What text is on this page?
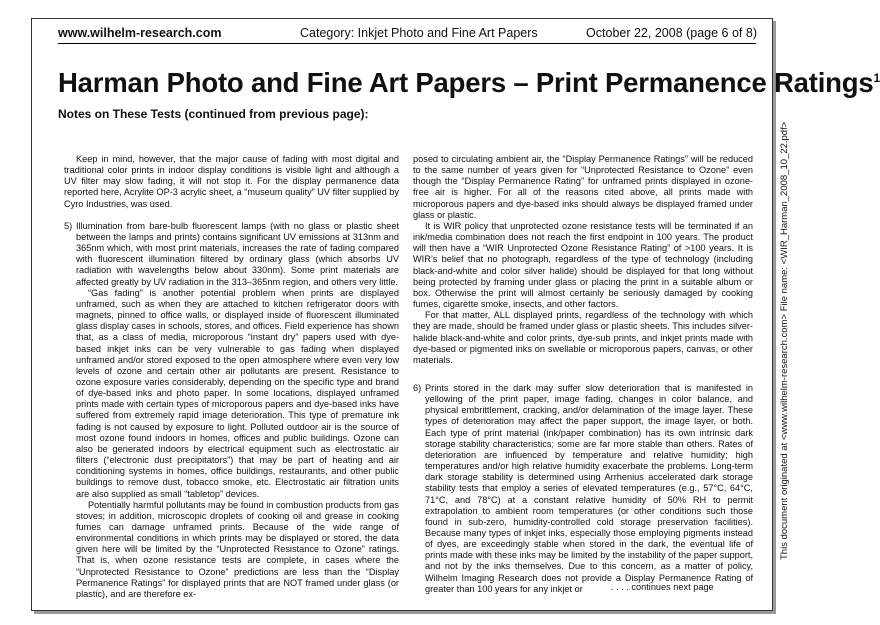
www.wilhelm-research.com	Category: Inkjet Photo and Fine Art Papers	October 22, 2008 (page 6 of 8)
Harman Photo and Fine Art Papers – Print Permanence Ratings$^1$
Notes on These Tests (continued from previous page):

Keep in mind, however, that the major cause of fading with most digital and traditional color prints in indoor display conditions is visible light and although a UV filter may slow fading, it will not stop it. For the display permanence data reported here, Acrylite OP-3 acrylic sheet, a “museum quality” UV filter supplied by Cyro Industries, was used.

5) Illumination from bare-bulb fluorescent lamps (with no glass or plastic sheet between the lamps and prints) contains significant UV emissions at 313nm and 365nm which, with most print materials, increases the rate of fading compared with fluorescent illumination filtered by ordinary glass (which absorbs UV radiation with wavelengths below about 330nm). Some print materials are affected greatly by UV radiation in the 313–365nm region, and others very little.

“Gas fading” is another potential problem when prints are displayed unframed, such as when they are attached to kitchen refrigerator doors with magnets, pinned to office walls, or displayed inside of fluorescent illuminated glass display cases in schools, stores, and offices. Field experience has shown that, as a class of media, microporous “instant dry” papers used with dye-based inkjet inks can be very vulnerable to gas fading when displayed unframed and/or stored exposed to the open atmosphere where even very low levels of ozone and certain other air pollutants are present. Resistance to ozone exposure varies considerably, depending on the specific type and brand of dye-based inks and photo paper. In some locations, displayed unframed prints made with certain types of microporous papers and dye-based inks have suffered from extremely rapid image deterioration. This type of premature ink fading is not caused by exposure to light. Polluted outdoor air is the source of most ozone found indoors in homes, offices and public buildings. Ozone can also be generated indoors by electrical equipment such as electrostatic air filters (“electronic dust precipitators”) that may be part of heating and air conditioning systems in homes, office buildings, restaurants, and other public buildings to remove dust, tobacco smoke, etc. Electrostatic air filtration units are also supplied as small “tabletop” devices.

Potentially harmful pollutants may be found in combustion products from gas stoves; in addition, microscopic droplets of cooking oil and grease in cooking fumes can damage unframed prints. Because of the wide range of environmental conditions in which prints may be displayed or stored, the data given here will be limited by the “Unprotected Resistance to Ozone” ratings. That is, when ozone resistance tests are complete, in cases where the “Unprotected Resistance to Ozone” predictions are less than the “Display Permanence Ratings” for displayed prints that are NOT framed under glass (or plastic), and are therefore ex-

posed to circulating ambient air, the “Display Permanence Ratings” will be reduced to the same number of years given for “Unprotected Resistance to Ozone” even though the “Display Permanence Rating” for unframed prints displayed in ozone-free air is higher. For all of the reasons cited above, all prints made with microporous papers and dye-based inks should always be displayed framed under glass or plastic.

It is WIR policy that unprotected ozone resistance tests will be terminated if an ink/media combination does not reach the first endpoint in 100 years. The product will then have a “WIR Unprotected Ozone Resistance Rating” of >100 years. It is WIR’s belief that no photograph, regardless of the type of technology (including black-and-white and color silver halide) should be displayed for that long without being protected by framing under glass or placing the print in a suitable album or box. Otherwise the print will almost certainly be seriously damaged by cooking fumes, cigarette smoke, insects, and other factors.

For that matter, ALL displayed prints, regardless of the technology with which they are made, should be framed under glass or plastic sheets. This includes silver-halide black-and-white and color prints, dye-sub prints, and inkjet prints made with dye-based or pigmented inks on swellable or microporous papers, canvas, or other materials.

6) Prints stored in the dark may suffer slow deterioration that is manifested in yellowing of the print paper, image fading, changes in color balance, and physical embrittlement, cracking, and/or delamination of the image layer. These types of deterioration may affect the paper support, the image layer, or both. Each type of print material (ink/paper combination) has its own intrinsic dark storage stability characteristics; some are far more stable than others. Rates of deterioration are influenced by temperature and relative humidity; high temperatures and/or high relative humidity exacerbate the problems. Long-term dark storage stability is determined using Arrhenius accelerated dark storage stability tests that employ a series of elevated temperatures (e.g., 57°C, 64°C, 71°C, and 78°C) at a constant relative humidity of 50% RH to permit extrapolation to ambient room temperatures (or other conditions such those found in sub-zero, humidity-controlled cold storage preservation facilities). Because many types of inkjet inks, especially those employing pigments instead of dyes, are exceedingly stable when stored in the dark, the eventual life of prints made with these inks may be limited by the instability of the paper support, and not by the inks themselves. Due to this concern, as a matter of policy, Wilhelm Imaging Research does not provide a Display Permanence Rating of greater than 100 years for any inkjet or	. . . . continues next page
This document originated at <www.wilhelm-research.com> File name: <WIR_Harman_2008_10_22.pdf>
